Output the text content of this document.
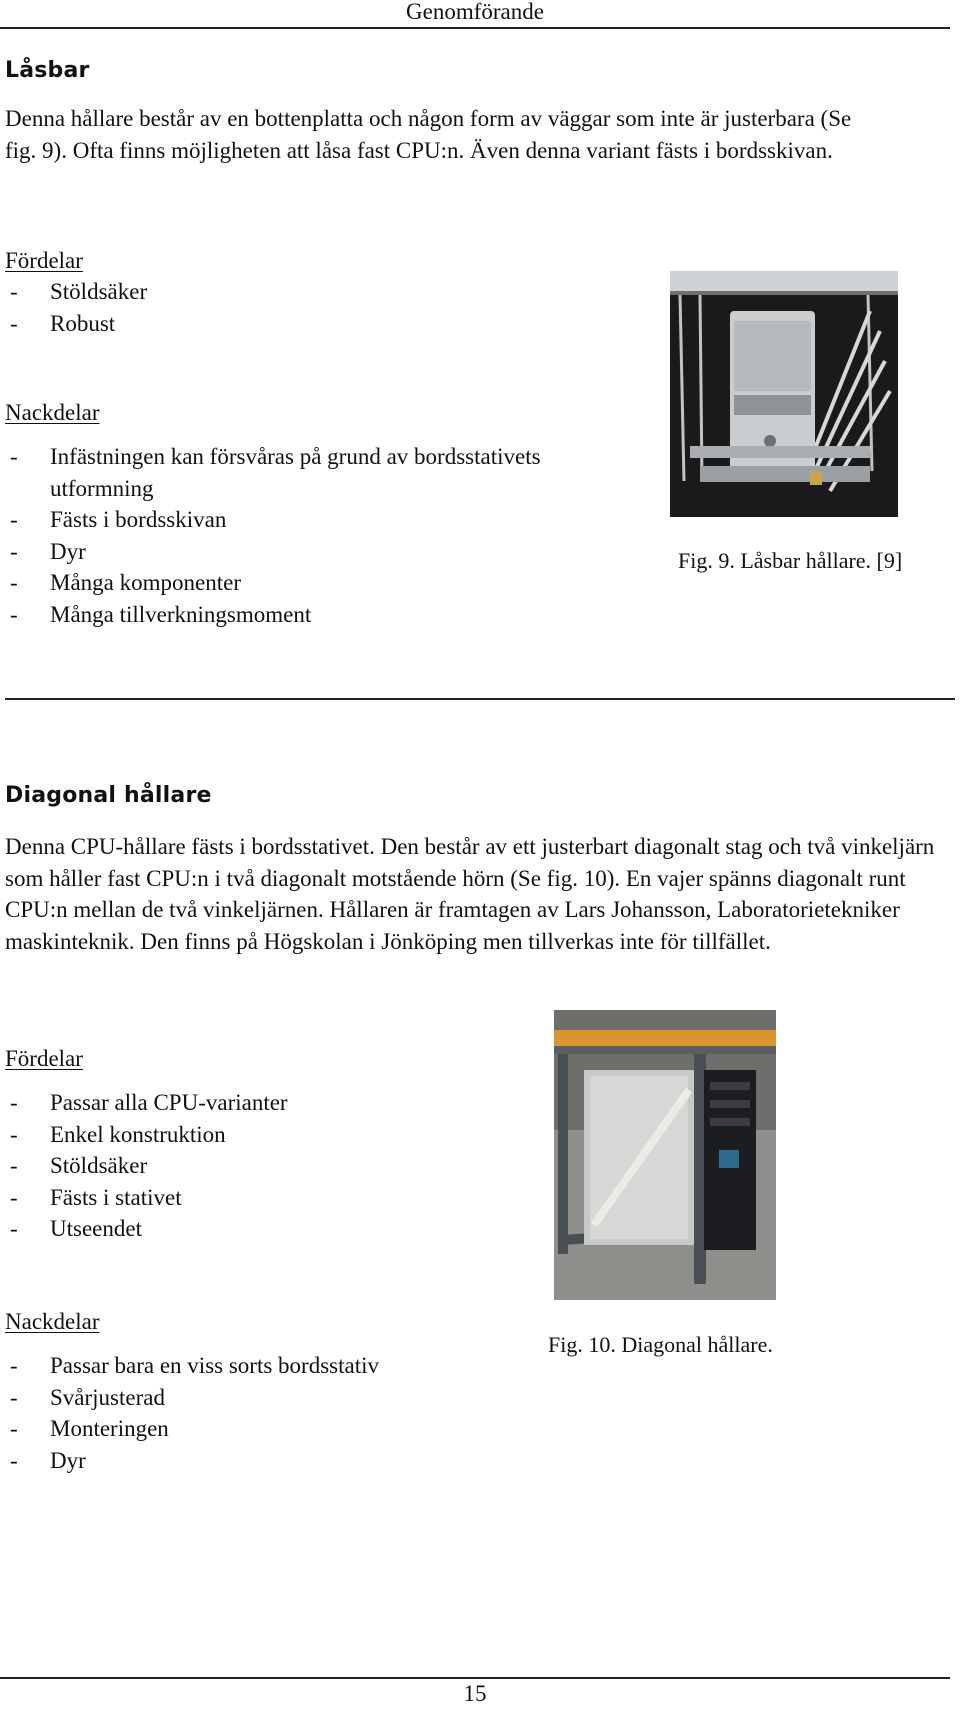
Genomförande
Låsbar

Denna hållare består av en bottenplatta och någon form av väggar som inte är justerbara (Se fig. 9). Ofta finns möjligheten att låsa fast CPU:n. Även denna variant fästs i bordsskivan.

Fördelar
- Stöldsäker
- Robust
Nackdelar
- Infästningen kan försvåras på grund av bordsstativets utformning
- Fästs i bordsskivan
- Dyr
- Många komponenter
- Många tillverkningsmoment
Fig. 9. Låsbar hållare. [9]
Diagonal hållare

Denna CPU-hållare fästs i bordsstativet. Den består av ett justerbart diagonalt stag och två vinkeljärn som håller fast CPU:n i två diagonalt motstående hörn (Se fig. 10). En vajer spänns diagonalt runt CPU:n mellan de två vinkeljärnen. Hållaren är framtagen av Lars Johansson, Laboratorietekniker maskinteknik. Den finns på Högskolan i Jönköping men tillverkas inte för tillfället.

Fördelar
- Passar alla CPU-varianter
- Enkel konstruktion
- Stöldsäker
- Fästs i stativet
- Utseendet
Nackdelar
- Passar bara en viss sorts bordsstativ
- Svårjusterad
- Monteringen
- Dyr
Fig. 10. Diagonal hållare.
15
